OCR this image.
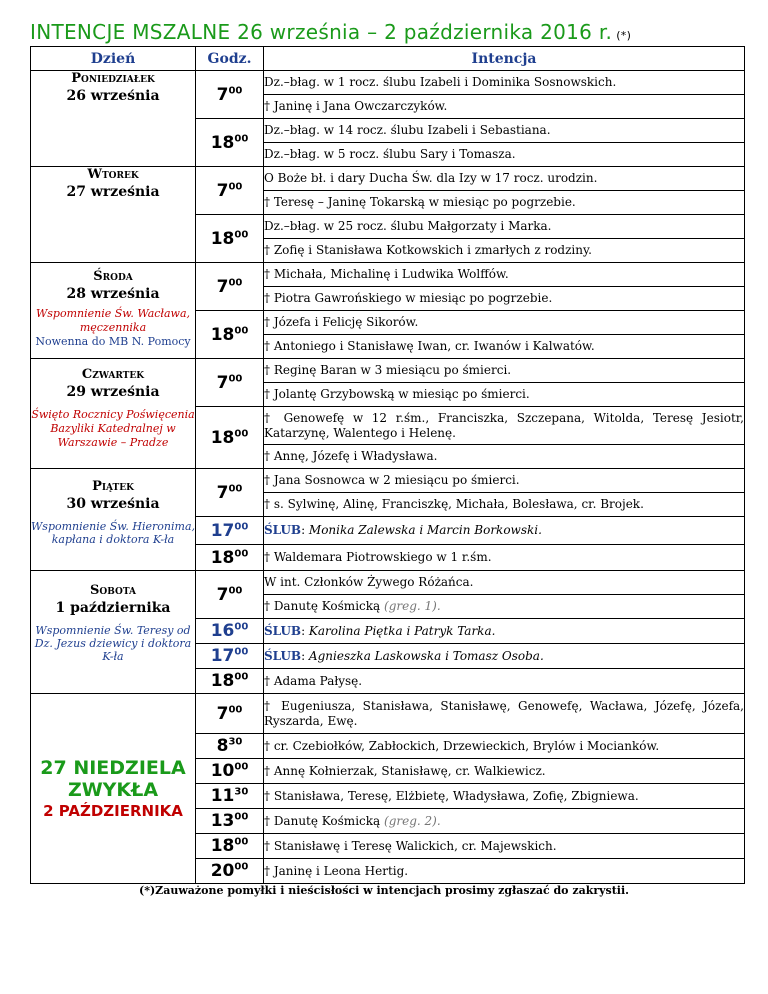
INTENCJE MSZALNE 26 września – 2 października 2016 r. (*)
Dzień	Godz.	Intencja

Poniedziałek
26 września	$7^{00}$	Dz.–błag. w 1 rocz. ślubu Izabeli i Dominika Sosnowskich.
		† Janinę i Jana Owczarczyków.
	$18^{00}$	Dz.–błag. w 14 rocz. ślubu Izabeli i Sebastiana.
		Dz.–błag. w 5 rocz. ślubu Sary i Tomasza.

Wtorek
27 września	$7^{00}$	O Boże bł. i dary Ducha Św. dla Izy w 17 rocz. urodzin.
		† Teresę – Janinę Tokarską w miesiąc po pogrzebie.
	$18^{00}$	Dz.–błag. w 25 rocz. ślubu Małgorzaty i Marka.
		† Zofię i Stanisława Kotkowskich i zmarłych z rodziny.

Środa
28 września
Wspomnienie Św. Wacława, męczennika
Nowenna do MB N. Pomocy	$7^{00}$	† Michała, Michalinę i Ludwika Wolffów.
		† Piotra Gawrońskiego w miesiąc po pogrzebie.
	$18^{00}$	† Józefa i Felicję Sikorów.
		† Antoniego i Stanisławę Iwan, cr. Iwanów i Kalwatów.

Czwartek
29 września
Święto Rocznicy Poświęcenia Bazyliki Katedralnej w Warszawie – Pradze	$7^{00}$	† Reginę Baran w 3 miesiącu po śmierci.
		† Jolantę Grzybowską w miesiąc po śmierci.
	$18^{00}$	† Genowefę w 12 r.śm., Franciszka, Szczepana, Witolda, Teresę Jesiotr, Katarzynę, Walentego i Helenę.
		† Annę, Józefę i Władysława.

Piątek
30 września
Wspomnienie Św. Hieronima, kapłana i doktora K-ła	$7^{00}$	† Jana Sosnowca w 2 miesiącu po śmierci.
		† s. Sylwinę, Alinę, Franciszkę, Michała, Bolesława, cr. Brojek.
	$17^{00}$	ŚLUB: Monika Zalewska i Marcin Borkowski.
	$18^{00}$	† Waldemara Piotrowskiego w 1 r.śm.

Sobota
1 października
Wspomnienie Św. Teresy od Dz. Jezus dziewicy i doktora K-ła	$7^{00}$	W int. Członków Żywego Różańca.
		† Danutę Kośmicką (greg. 1).
	$16^{00}$	ŚLUB: Karolina Piętka i Patryk Tarka.
	$17^{00}$	ŚLUB: Agnieszka Laskowska i Tomasz Osoba.
	$18^{00}$	† Adama Pałysę.

27 NIEDZIELA ZWYKŁA
2 PAŹDZIERNIKA	$7^{00}$	† Eugeniusza, Stanisława, Stanisławę, Genowefę, Wacława, Józefę, Józefa, Ryszarda, Ewę.
	$8^{30}$	† cr. Czebiołków, Zabłockich, Drzewieckich, Brylów i Mocianków.
	$10^{00}$	† Annę Kołnierzak, Stanisławę, cr. Walkiewicz.
	$11^{30}$	† Stanisława, Teresę, Elżbietę, Władysława, Zofię, Zbigniewa.
	$13^{00}$	† Danutę Kośmicką (greg. 2).
	$18^{00}$	† Stanisławę i Teresę Walickich, cr. Majewskich.
	$20^{00}$	† Janinę i Leona Hertig.
(*)Zauważone pomyłki i nieścisłości w intencjach prosimy zgłaszać do zakrystii.
